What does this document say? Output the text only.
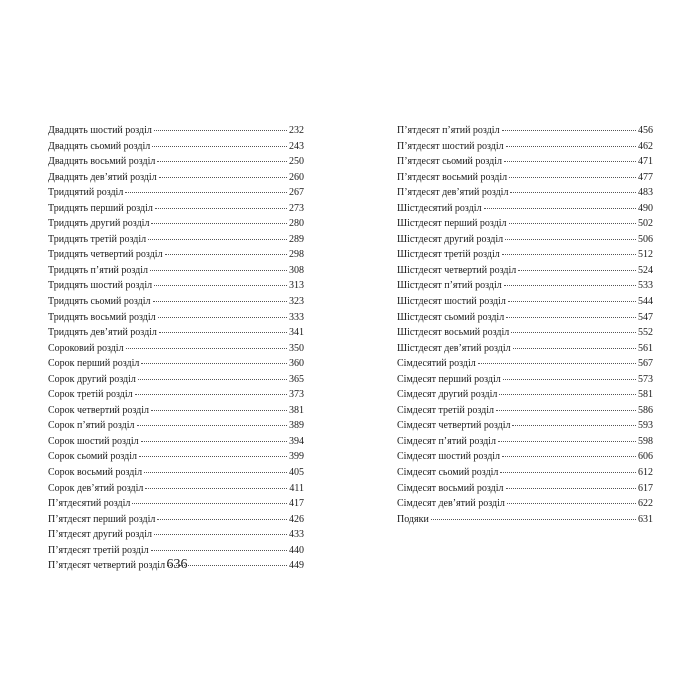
Двадцять шостий розділ	232
Двадцять сьомий розділ	243
Двадцять восьмий розділ	250
Двадцять дев’ятий розділ	260
Тридцятий розділ	267
Тридцять перший розділ	273
Тридцять другий розділ	280
Тридцять третій розділ	289
Тридцять четвертий розділ	298
Тридцять п’ятий розділ	308
Тридцять шостий розділ	313
Тридцять сьомий розділ	323
Тридцять восьмий розділ	333
Тридцять дев’ятий розділ	341
Сороковий розділ	350
Сорок перший розділ	360
Сорок другий розділ	365
Сорок третій розділ	373
Сорок четвертий розділ	381
Сорок п’ятий розділ	389
Сорок шостий розділ	394
Сорок сьомий розділ	399
Сорок восьмий розділ	405
Сорок дев’ятий розділ	411
П’ятдесятий розділ	417
П’ятдесят перший розділ	426
П’ятдесят другий розділ	433
П’ятдесят третій розділ	440
П’ятдесят четвертий розділ	449
636
П’ятдесят п’ятий розділ	456
П’ятдесят шостий розділ	462
П’ятдесят сьомий розділ	471
П’ятдесят восьмий розділ	477
П’ятдесят дев’ятий розділ	483
Шістдесятий розділ	490
Шістдесят перший розділ	502
Шістдесят другий розділ	506
Шістдесят третій розділ	512
Шістдесят четвертий розділ	524
Шістдесят п’ятий розділ	533
Шістдесят шостий розділ	544
Шістдесят сьомий розділ	547
Шістдесят восьмий розділ	552
Шістдесят дев’ятий розділ	561
Сімдесятий розділ	567
Сімдесят перший розділ	573
Сімдесят другий розділ	581
Сімдесят третій розділ	586
Сімдесят четвертий розділ	593
Сімдесят п’ятий розділ	598
Сімдесят шостий розділ	606
Сімдесят сьомий розділ	612
Сімдесят восьмий розділ	617
Сімдесят дев’ятий розділ	622
Подяки	631
